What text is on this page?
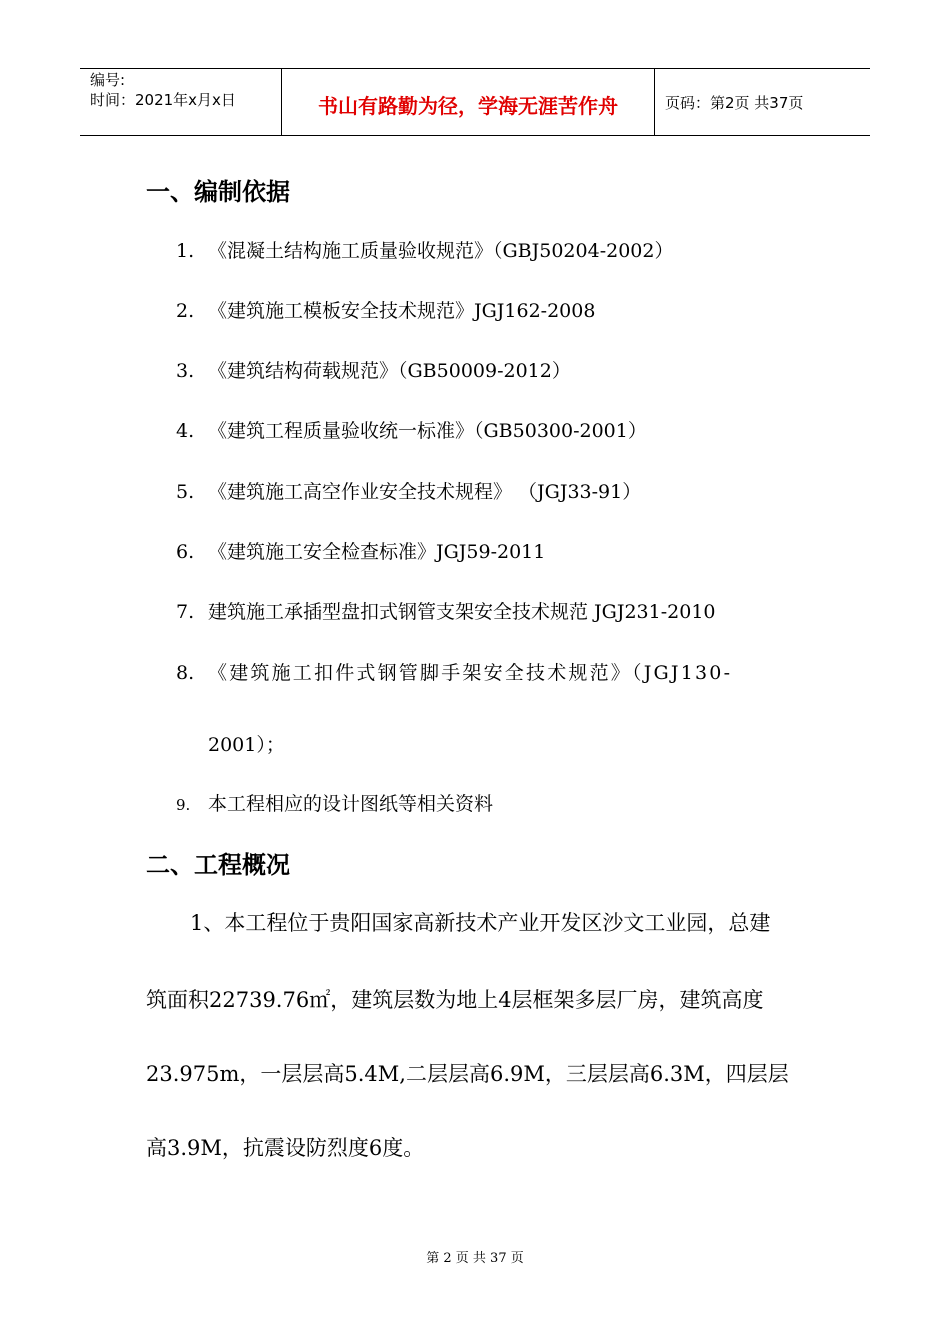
编号:
时间：2021年x月x日	书山有路勤为径，学海无涯苦作舟	页码：第2页 共37页
一、编制依据
1. 《混凝土结构施工质量验收规范》（GBJ50204-2002）
2. 《建筑施工模板安全技术规范》JGJ162-2008
3. 《建筑结构荷载规范》（GB50009-2012）
4. 《建筑工程质量验收统一标准》（GB50300-2001）
5. 《建筑施工高空作业安全技术规程》 （JGJ33-91）
6. 《建筑施工安全检查标准》JGJ59-2011
7. 建筑施工承插型盘扣式钢管支架安全技术规范 JGJ231-2010
8. 《建筑施工扣件式钢管脚手架安全技术规范》（JGJ130-
2001）；
9. 本工程相应的设计图纸等相关资料
二、工程概况
1、本工程位于贵阳国家高新技术产业开发区沙文工业园，总建
筑面积22739.76㎡，建筑层数为地上4层框架多层厂房，建筑高度
23.975m，一层层高5.4M,二层层高6.9M，三层层高6.3M，四层层
高3.9M，抗震设防烈度6度。
第 2 页 共 37 页
